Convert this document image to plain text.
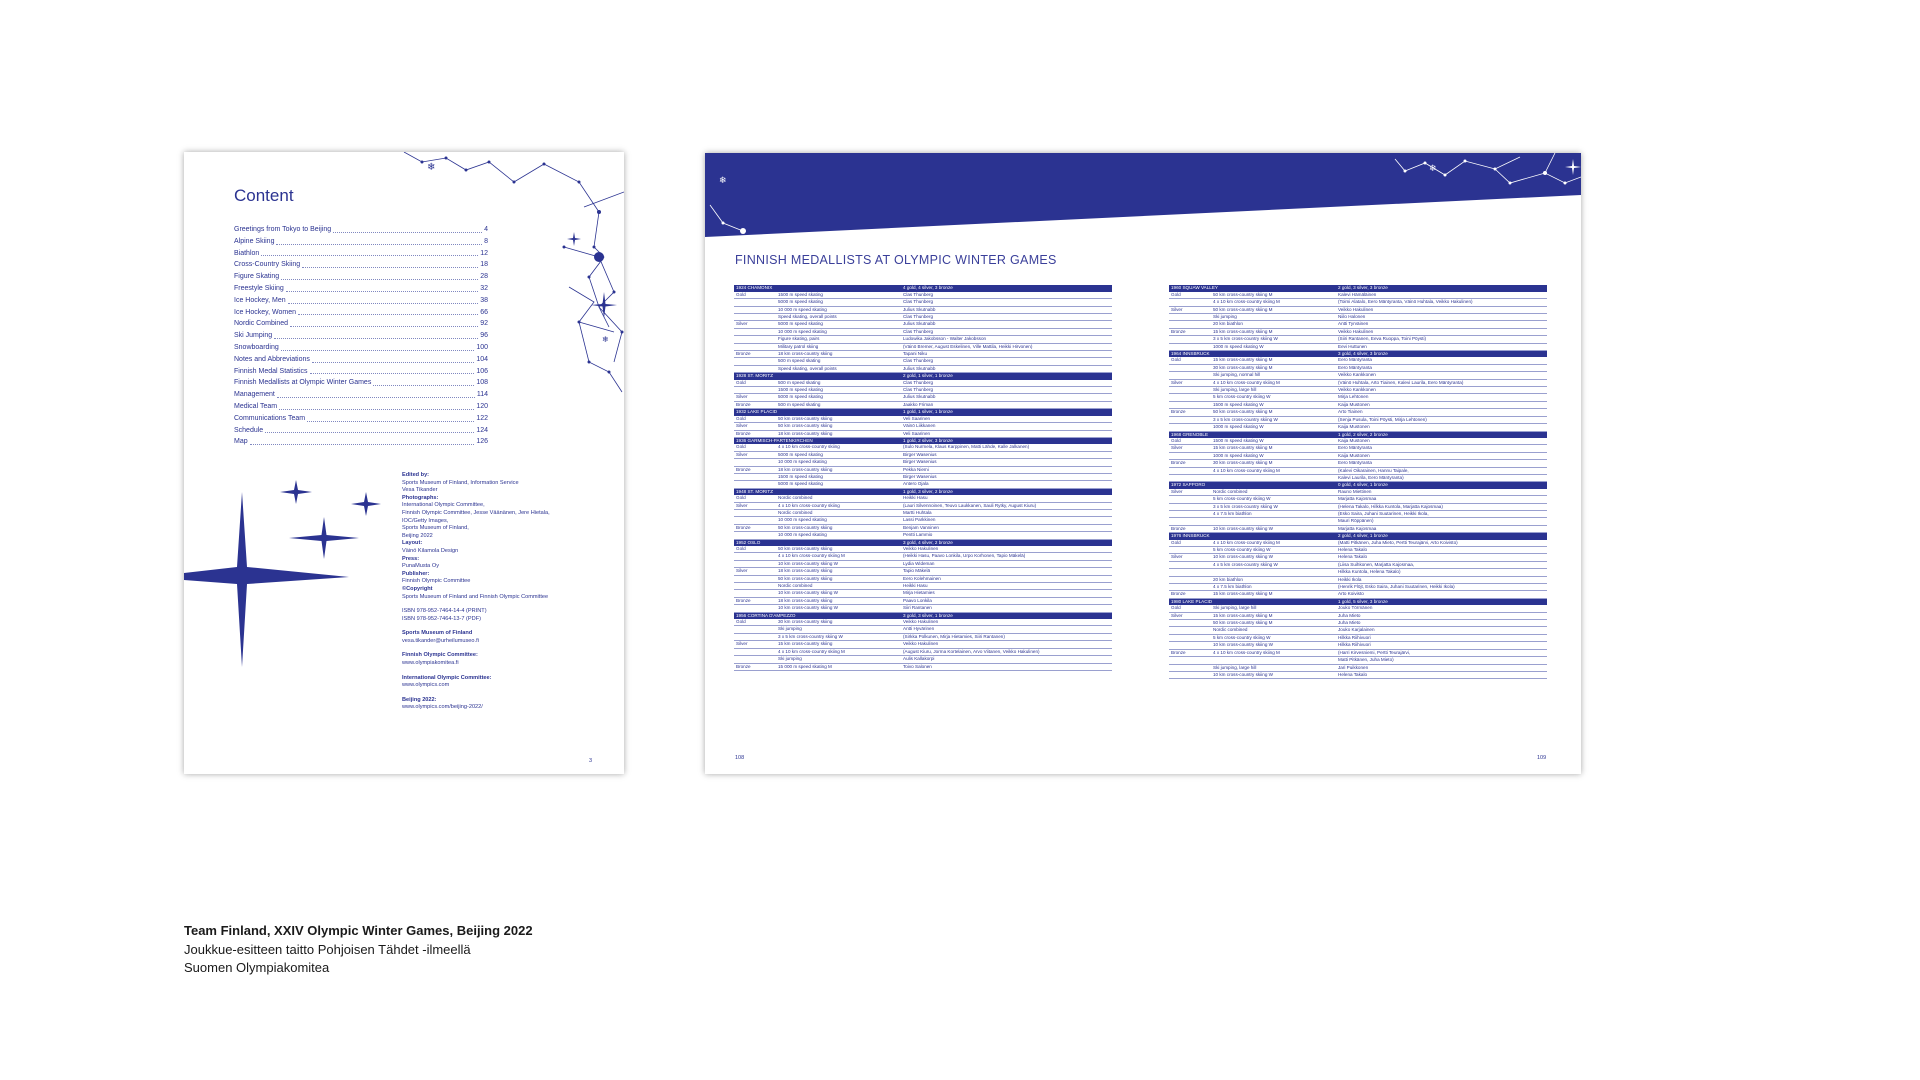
❄
❄
Content
Greetings from Tokyo to Beijing	4
Alpine Skiing	8
Biathlon	12
Cross-Country Skiing	18
Figure Skating	28
Freestyle Skiing	32
Ice Hockey, Men	38
Ice Hockey, Women	66
Nordic Combined	92
Ski Jumping	96
Snowboarding	100
Notes and Abbreviations	104
Finnish Medal Statistics	106
Finnish Medallists at Olympic Winter Games	108
Management	114
Medical Team	120
Communications Team	122
Schedule	124
Map	126
Edited by:
Sports Museum of Finland, Information Service
Vesa Tikander
Photographs:
International Olympic Committee,
Finnish Olympic Committee, Jesse Väänänen, Jere Hietala,
IOC/Getty Images,
Sports Museum of Finland,
Beijing 2022
Layout:
Väinö Kilamola Design
Press:
PunaMusta Oy
Publisher:
Finnish Olympic Committee
©Copyright
Sports Museum of Finland and Finnish Olympic Committee
ISBN 978-952-7464-14-4 (PRINT)
ISBN 978-952-7464-13-7 (PDF)
Sports Museum of Finland
vesa.tikander@urheilumuseo.fi
Finnish Olympic Committee:
www.olympiakomitea.fi
International Olympic Committee:
www.olympics.com
Beijing 2022:
www.olympics.com/beijing-2022/
3
❄
❄
FINNISH MEDALLISTS AT OLYMPIC WINTER GAMES
1924 CHAMONIX		4 gold, 4 silver, 3 bronze
Gold	1500 m speed skating	Clas Thunberg
	5000 m speed skating	Clas Thunberg
	10 000 m speed skating	Julius Skutnabb
	Speed skating, overall points	Clas Thunberg
Silver	5000 m speed skating	Julius Skutnabb
	10 000 m speed skating	Clas Thunberg
	Figure skating, pairs	Ludowika Jakobsson - Walter Jakobsson
	Military patrol skiing	(Väinö Bremer, August Eskelinen, Ville Mattila, Heikki Hirvonen)
Bronze	18 km cross-country skiing	Tapani Niku
	500 m speed skating	Clas Thunberg
	Speed skating, overall points	Julius Skutnabb
1928 ST. MORITZ		2 gold, 1 silver, 1 bronze
Gold	500 m speed skating	Clas Thunberg
	1500 m speed skating	Clas Thunberg
Silver	5000 m speed skating	Julius Skutnabb
Bronze	500 m speed skating	Jaakko Friman
1932 LAKE PLACID		1 gold, 1 silver, 1 bronze
Gold	50 km cross-country skiing	Veli Saarinen
Silver	50 km cross-country skiing	Väinö Liikkanen
Bronze	18 km cross-country skiing	Veli Saarinen
1936 GARMISCH-PARTENKIRCHEN		1 gold, 2 silver, 3 bronze
Gold	4 x 10 km cross-country skiing	(Sulo Nurmela, Klaus Karppinen, Matti Lähde, Kalle Jalkanen)
Silver	5000 m speed skating	Birger Wasenius
	10 000 m speed skating	Birger Wasenius
Bronze	18 km cross-country skiing	Pekka Niemi
	1500 m speed skating	Birger Wasenius
	5000 m speed skating	Antero Ojala
1948 ST. MORITZ		1 gold, 3 silver, 2 bronze
Gold	Nordic combined	Heikki Hasu
Silver	4 x 10 km cross-country skiing	(Lauri Silvennoinen, Teuvo Laukkanen, Sauli Rytky, August Kiuru)
	Nordic combined	Martti Huhtala
	10 000 m speed skating	Lassi Parkkinen
Bronze	50 km cross-country skiing	Benjam Vanninen
	10 000 m speed skating	Pentti Lammio
1952 OSLO		3 gold, 4 silver, 2 bronze
Gold	50 km cross-country skiing	Veikko Hakulinen
	4 x 10 km cross-country skiing M	(Heikki Hasu, Paavo Lonkila, Urpo Korhonen, Tapio Mäkelä)
	10 km cross-country skiing W	Lydia Wideman
Silver	18 km cross-country skiing	Tapio Mäkelä
	50 km cross-country skiing	Eero Kolehmainen
	Nordic combined	Heikki Hasu
	10 km cross-country skiing W	Mirja Hietamies
Bronze	18 km cross-country skiing	Paavo Lonkila
	10 km cross-country skiing W	Siiri Rantanen
1956 CORTINA D'AMPEZZO		3 gold, 3 silver, 1 bronze
Gold	30 km cross-country skiing	Veikko Hakulinen
	Ski jumping	Antti Hyvärinen
	3 x 5 km cross-country skiing W	(Sirkka Polkunen, Mirja Hietamies, Siiri Rantanen)
Silver	15 km cross-country skiing	Veikko Hakulinen
	4 x 10 km cross-country skiing M	(August Kiuru, Jorma Kortelainen, Arvo Viitanen, Veikko Hakulinen)
	Ski jumping	Aulis Kallakorpi
Bronze	15 000 m speed skating M	Toivo Salonen
1960 SQUAW VALLEY		2 gold, 3 silver, 3 bronze
Gold	50 km cross-country skiing M	Kalevi Hämäläinen
	4 x 10 km cross-country skiing M	(Toimi Alatalo, Eero Mäntyranta, Väinö Huhtala, Veikko Hakulinen)
Silver	50 km cross-country skiing M	Veikko Hakulinen
	Ski jumping	Niilo Halonen
	20 km biathlon	Antti Tyrväinen
Bronze	15 km cross-country skiing M	Veikko Hakulinen
	3 x 5 km cross-country skiing W	(Siiri Rantanen, Eeva Ruoppa, Toini Pöysti)
	1000 m speed skating W	Eevi Huttunen
1964 INNSBRUCK		3 gold, 4 silver, 3 bronze
Gold	15 km cross-country skiing M	Eero Mäntyranta
	30 km cross-country skiing M	Eero Mäntyranta
	Ski jumping, normal hill	Veikko Kankkonen
Silver	4 x 10 km cross-country skiing M	(Väinö Huhtala, Arto Tiainen, Kalevi Laurila, Eero Mäntyranta)
	Ski jumping, large hill	Veikko Kankkonen
	5 km cross-country skiing W	Mirja Lehtonen
	1500 m speed skating W	Kaija Mustonen
Bronze	50 km cross-country skiing M	Arto Tiainen
	3 x 5 km cross-country skiing W	(Senja Pusula, Toini Pöysti, Mirja Lehtonen)
	1000 m speed skating W	Kaija Mustonen
1968 GRENOBLE		1 gold, 2 silver, 2 bronze
Gold	1500 m speed skating W	Kaija Mustonen
Silver	15 km cross-country skiing M	Eero Mäntyranta
	1000 m speed skating W	Kaija Mustonen
Bronze	30 km cross-country skiing M	Eero Mäntyranta
	4 x 10 km cross-country skiing M	(Kalevi Oikarainen, Hannu Taipale,
		Kalevi Laurila, Eero Mäntyranta)
1972 SAPPORO		0 gold, 4 silver, 1 bronze
Silver	Nordic combined	Rauno Miettinen
	5 km cross-country skiing W	Marjatta Kajosmaa
	3 x 5 km cross-country skiing W	(Helena Takalo, Hilkka Kuntola, Marjatta Kajosmaa)
	4 x 7.5 km biathlon	(Esko Saira, Juhani Suutarinen, Heikki Ikola,
		Mauri Röppänen)
Bronze	10 km cross-country skiing W	Marjatta Kajosmaa
1976 INNSBRUCK		2 gold, 4 silver, 1 bronze
Gold	4 x 10 km cross-country skiing M	(Matti Pitkänen, Juha Mieto, Pertti Teurajärvi, Arto Koivisto)
	5 km cross-country skiing W	Helena Takalo
Silver	10 km cross-country skiing W	Helena Takalo
	4 x 5 km cross-country skiing W	(Liisa Suihkonen, Marjatta Kajosmaa,
		Hilkka Kuntola, Helena Takalo)
	20 km biathlon	Heikki Ikola
	4 x 7.5 km biathlon	(Henrik Flöjt, Esko Saira, Juhani Suutarinen, Heikki Ikola)
Bronze	15 km cross-country skiing M	Arto Koivisto
1980 LAKE PLACID		1 gold, 5 silver, 3 bronze
Gold	Ski jumping, large hill	Jouko Törmänen
Silver	15 km cross-country skiing M	Juha Mieto
	50 km cross-country skiing M	Juha Mieto
	Nordic combined	Jouko Karjalainen
	5 km cross-country skiing W	Hilkka Riihivuori
	10 km cross-country skiing W	Hilkka Riihivuori
Bronze	4 x 10 km cross-country skiing M	(Harri Kirvesniemi, Pertti Teurajärvi,
		Matti Pitkänen, Juha Mieto)
	Ski jumping, large hill	Jari Puikkonen
	10 km cross-country skiing W	Helena Takalo
108	109
Team Finland, XXIV Olympic Winter Games, Beijing 2022
Joukkue-esitteen taitto Pohjoisen Tähdet -ilmeellä
Suomen Olympiakomitea
